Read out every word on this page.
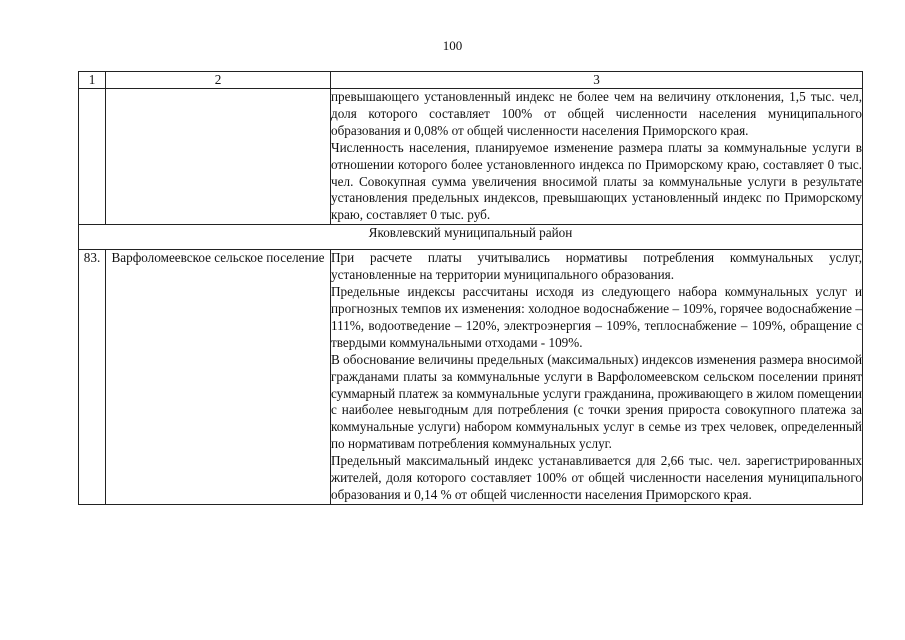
100
1	2	3

		превышающего установленный индекс не более чем на величину отклонения, 1,5 тыс. чел, доля которого составляет 100% от общей численности населения муниципального образования и 0,08% от общей численности населения Приморского края.

Численность населения, планируемое изменение размера платы за коммунальные услуги в отношении которого более установленного индекса по Приморскому краю, составляет 0 тыс. чел. Совокупная сумма увеличения вносимой платы за коммунальные услуги в результате установления предельных индексов, превышающих установленный индекс по Приморскому краю, составляет 0 тыс. руб.

Яковлевский муниципальный район		
83.	Варфоломеевское сельское поселение	При расчете платы учитывались нормативы потребления коммунальных услуг, установленные на территории муниципального образования.

Предельные индексы рассчитаны исходя из следующего набора коммунальных услуг и прогнозных темпов их изменения: холодное водоснабжение – 109%, горячее водоснабжение – 111%, водоотведение – 120%, электроэнергия – 109%, теплоснабжение – 109%, обращение с твердыми коммунальными отходами - 109%.

В обоснование величины предельных (максимальных) индексов изменения размера вносимой гражданами платы за коммунальные услуги в Варфоломеевском сельском поселении принят суммарный платеж за коммунальные услуги гражданина, проживающего в жилом помещении с наиболее невыгодным для потребления (с точки зрения прироста совокупного платежа за коммунальные услуги) набором коммунальных услуг в семье из трех человек, определенный по нормативам потребления коммунальных услуг.

Предельный максимальный индекс устанавливается для 2,66 тыс. чел. зарегистрированных жителей, доля которого составляет 100% от общей численности населения муниципального образования и 0,14 % от общей численности населения Приморского края.
